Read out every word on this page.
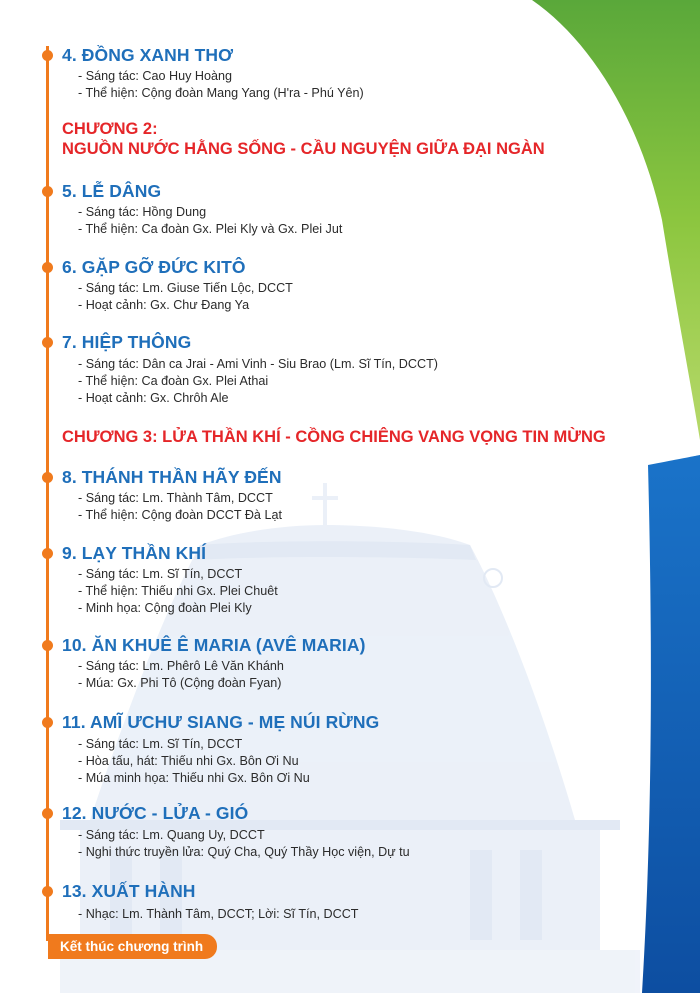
4. ĐỒNG XANH THƠ
- Sáng tác: Cao Huy Hoàng
- Thể hiện: Cộng đoàn Mang Yang (H'ra - Phú Yên)
CHƯƠNG 2:
NGUỒN NƯỚC HẰNG SỐNG - CẦU NGUYỆN GIỮA ĐẠI NGÀN
5. LỄ DÂNG
- Sáng tác: Hồng Dung
- Thể hiện: Ca đoàn Gx. Plei Kly và Gx. Plei Jut
6. GẶP GỠ ĐỨC KITÔ
- Sáng tác: Lm. Giuse Tiến Lộc, DCCT
- Hoạt cảnh: Gx. Chư Đang Ya
7. HIỆP THÔNG
- Sáng tác: Dân ca Jrai - Ami Vinh - Siu Brao (Lm. Sĩ Tín, DCCT)
- Thể hiện: Ca đoàn Gx. Plei Athai
- Hoạt cảnh: Gx. Chrôh Ale
CHƯƠNG 3: LỬA THẦN KHÍ - CỒNG CHIÊNG VANG VỌNG TIN MỪNG
8. THÁNH THẦN HÃY ĐẾN
- Sáng tác: Lm. Thành Tâm, DCCT
- Thể hiện: Cộng đoàn DCCT Đà Lạt
9. LẠY THẦN KHÍ
- Sáng tác: Lm. Sĩ Tín, DCCT
- Thể hiện: Thiếu nhi Gx. Plei Chuêt
- Minh họa: Cộng đoàn Plei Kly
10. ĂN KHUÊ Ê MARIA (AVÊ MARIA)
- Sáng tác: Lm. Phêrô Lê Văn Khánh
- Múa: Gx. Phi Tô (Cộng đoàn Fyan)
11. AMĨ ƯCHƯ SIANG - MẸ NÚI RỪNG
- Sáng tác: Lm. Sĩ Tín, DCCT
- Hòa tấu, hát: Thiếu nhi Gx. Bôn Ơi Nu
- Múa minh họa: Thiếu nhi Gx. Bôn Ơi Nu
12. NƯỚC - LỬA - GIÓ
- Sáng tác: Lm. Quang Uy, DCCT
- Nghi thức truyền lửa: Quý Cha, Quý Thầy Học viện, Dự tu
13. XUẤT HÀNH
- Nhạc: Lm. Thành Tâm, DCCT; Lời: Sĩ Tín, DCCT
Kết thúc chương trình
